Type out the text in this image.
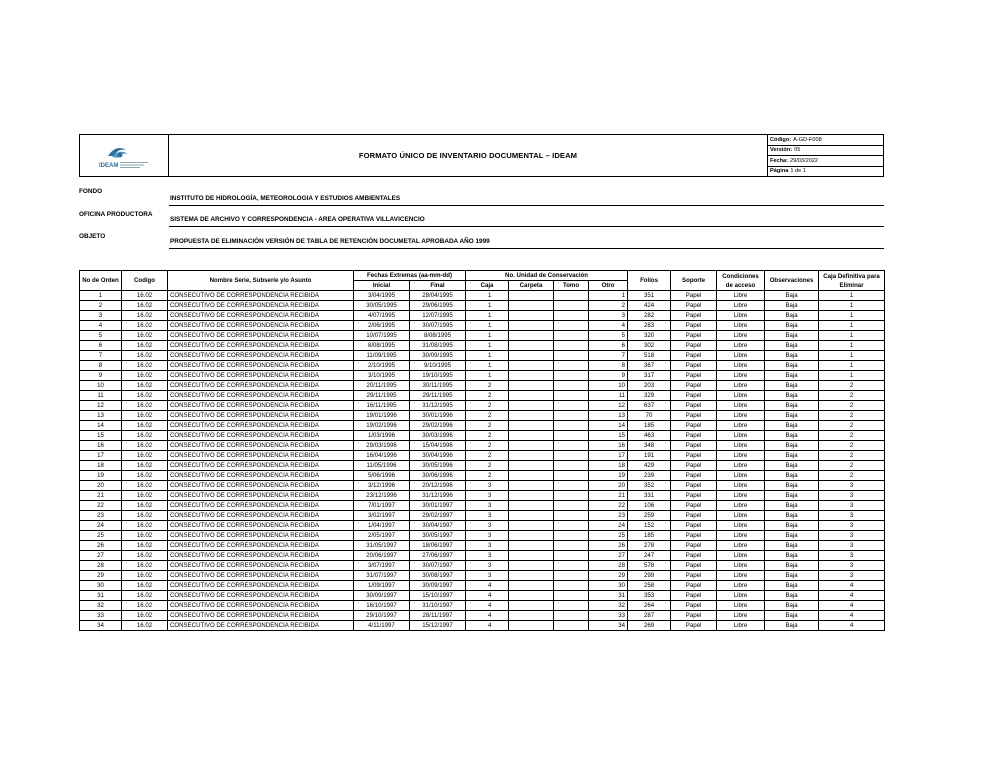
IDEAM
FORMATO ÚNICO DE INVENTARIO DOCUMENTAL – IDEAM
Código: A-GD-F008
Versión: 05
Fecha: 29/03/2022
Página 1 de 1
FONDO
INSTITUTO DE HIDROLOGÍA, METEOROLOGIA Y ESTUDIOS AMBIENTALES
OFICINA PRODUCTORA
SISTEMA DE ARCHIVO Y CORRESPONDENCIA - AREA OPERATIVA VILLAVICENCIO
OBJETO
PROPUESTA DE ELIMINACIÓN VERSIÓN DE TABLA DE RETENCIÓN DOCUMETAL APROBADA AÑO 1999
No de Orden	Codigo	Nombre Serie, Subserie y/o Asunto	Fechas Extremas (aa-mm-dd)		No. Unidad de Conservación				Folios	Soporte	Condiciones de acceso	Observaciones	Caja Definitiva para Eliminar

			Inicial	Final	Caja	Carpeta	Tomo	Otro					
1	16.02	CONSECUTIVO DE CORRESPONDENCIA RECIBIDA	3/04/1995	28/04/1995	1			1	351	Papel	Libre	Baja	1
2	16.02	CONSECUTIVO DE CORRESPONDENCIA RECIBIDA	30/05/1995	29/06/1995	1			2	424	Papel	Libre	Baja	1
3	16.02	CONSECUTIVO DE CORRESPONDENCIA RECIBIDA	4/07/1995	12/07/1995	1			3	282	Papel	Libre	Baja	1
4	16.02	CONSECUTIVO DE CORRESPONDENCIA RECIBIDA	2/06/1995	30/07/1995	1			4	283	Papel	Libre	Baja	1
5	16.02	CONSECUTIVO DE CORRESPONDENCIA RECIBIDA	10/07/1995	8/08/1995	1			5	320	Papel	Libre	Baja	1
6	16.02	CONSECUTIVO DE CORRESPONDENCIA RECIBIDA	8/08/1995	31/08/1995	1			6	302	Papel	Libre	Baja	1
7	16.02	CONSECUTIVO DE CORRESPONDENCIA RECIBIDA	11/09/1995	30/09/1995	1			7	518	Papel	Libre	Baja	1
8	16.02	CONSECUTIVO DE CORRESPONDENCIA RECIBIDA	2/10/1995	9/10/1995	1			8	367	Papel	Libre	Baja	1
9	16.02	CONSECUTIVO DE CORRESPONDENCIA RECIBIDA	3/10/1995	19/10/1995	1			9	317	Papel	Libre	Baja	1
10	16.02	CONSECUTIVO DE CORRESPONDENCIA RECIBIDA	20/11/1995	30/11/1995	2			10	203	Papel	Libre	Baja	2
11	16.02	CONSECUTIVO DE CORRESPONDENCIA RECIBIDA	29/11/1995	29/11/1995	2			11	329	Papel	Libre	Baja	2
12	16.02	CONSECUTIVO DE CORRESPONDENCIA RECIBIDA	16/11/1995	31/12/1995	2			12	637	Papel	Libre	Baja	2
13	16.02	CONSECUTIVO DE CORRESPONDENCIA RECIBIDA	19/01/1996	30/01/1996	2			13	70	Papel	Libre	Baja	2
14	16.02	CONSECUTIVO DE CORRESPONDENCIA RECIBIDA	19/02/1996	29/02/1996	2			14	185	Papel	Libre	Baja	2
15	16.02	CONSECUTIVO DE CORRESPONDENCIA RECIBIDA	1/03/1996	30/03/1996	2			15	463	Papel	Libre	Baja	2
16	16.02	CONSECUTIVO DE CORRESPONDENCIA RECIBIDA	29/03/1996	15/04/1996	2			16	348	Papel	Libre	Baja	2
17	16.02	CONSECUTIVO DE CORRESPONDENCIA RECIBIDA	16/04/1996	30/04/1996	2			17	191	Papel	Libre	Baja	2
18	16.02	CONSECUTIVO DE CORRESPONDENCIA RECIBIDA	11/05/1996	30/05/1996	2			18	429	Papel	Libre	Baja	2
19	16.02	CONSECUTIVO DE CORRESPONDENCIA RECIBIDA	5/06/1996	30/06/1996	2			19	239	Papel	Libre	Baja	2
20	16.02	CONSECUTIVO DE CORRESPONDENCIA RECIBIDA	3/12/1996	20/12/1996	3			20	352	Papel	Libre	Baja	3
21	16.02	CONSECUTIVO DE CORRESPONDENCIA RECIBIDA	23/12/1996	31/12/1996	3			21	331	Papel	Libre	Baja	3
22	16.02	CONSECUTIVO DE CORRESPONDENCIA RECIBIDA	7/01/1997	30/01/1997	3			22	106	Papel	Libre	Baja	3
23	16.02	CONSECUTIVO DE CORRESPONDENCIA RECIBIDA	3/02/1997	29/02/1997	3			23	259	Papel	Libre	Baja	3
24	16.02	CONSECUTIVO DE CORRESPONDENCIA RECIBIDA	1/04/1997	30/04/1997	3			24	152	Papel	Libre	Baja	3
25	16.02	CONSECUTIVO DE CORRESPONDENCIA RECIBIDA	2/05/1997	30/05/1997	3			25	185	Papel	Libre	Baja	3
26	16.02	CONSECUTIVO DE CORRESPONDENCIA RECIBIDA	31/05/1997	18/06/1997	3			26	278	Papel	Libre	Baja	3
27	16.02	CONSECUTIVO DE CORRESPONDENCIA RECIBIDA	20/06/1997	27/06/1997	3			27	247	Papel	Libre	Baja	3
28	16.02	CONSECUTIVO DE CORRESPONDENCIA RECIBIDA	3/07/1997	30/07/1997	3			28	578	Papel	Libre	Baja	3
29	16.02	CONSECUTIVO DE CORRESPONDENCIA RECIBIDA	31/07/1997	30/08/1997	3			29	299	Papel	Libre	Baja	3
30	16.02	CONSECUTIVO DE CORRESPONDENCIA RECIBIDA	1/09/1997	30/09/1997	4			30	258	Papel	Libre	Baja	4
31	16.02	CONSECUTIVO DE CORRESPONDENCIA RECIBIDA	30/09/1997	15/10/1997	4			31	353	Papel	Libre	Baja	4
32	16.02	CONSECUTIVO DE CORRESPONDENCIA RECIBIDA	16/10/1997	31/10/1997	4			32	264	Papel	Libre	Baja	4
33	16.02	CONSECUTIVO DE CORRESPONDENCIA RECIBIDA	29/10/1997	28/11/1997	4			33	287	Papel	Libre	Baja	4
34	16.02	CONSECUTIVO DE CORRESPONDENCIA RECIBIDA	4/11/1997	15/12/1997	4			34	269	Papel	Libre	Baja	4
